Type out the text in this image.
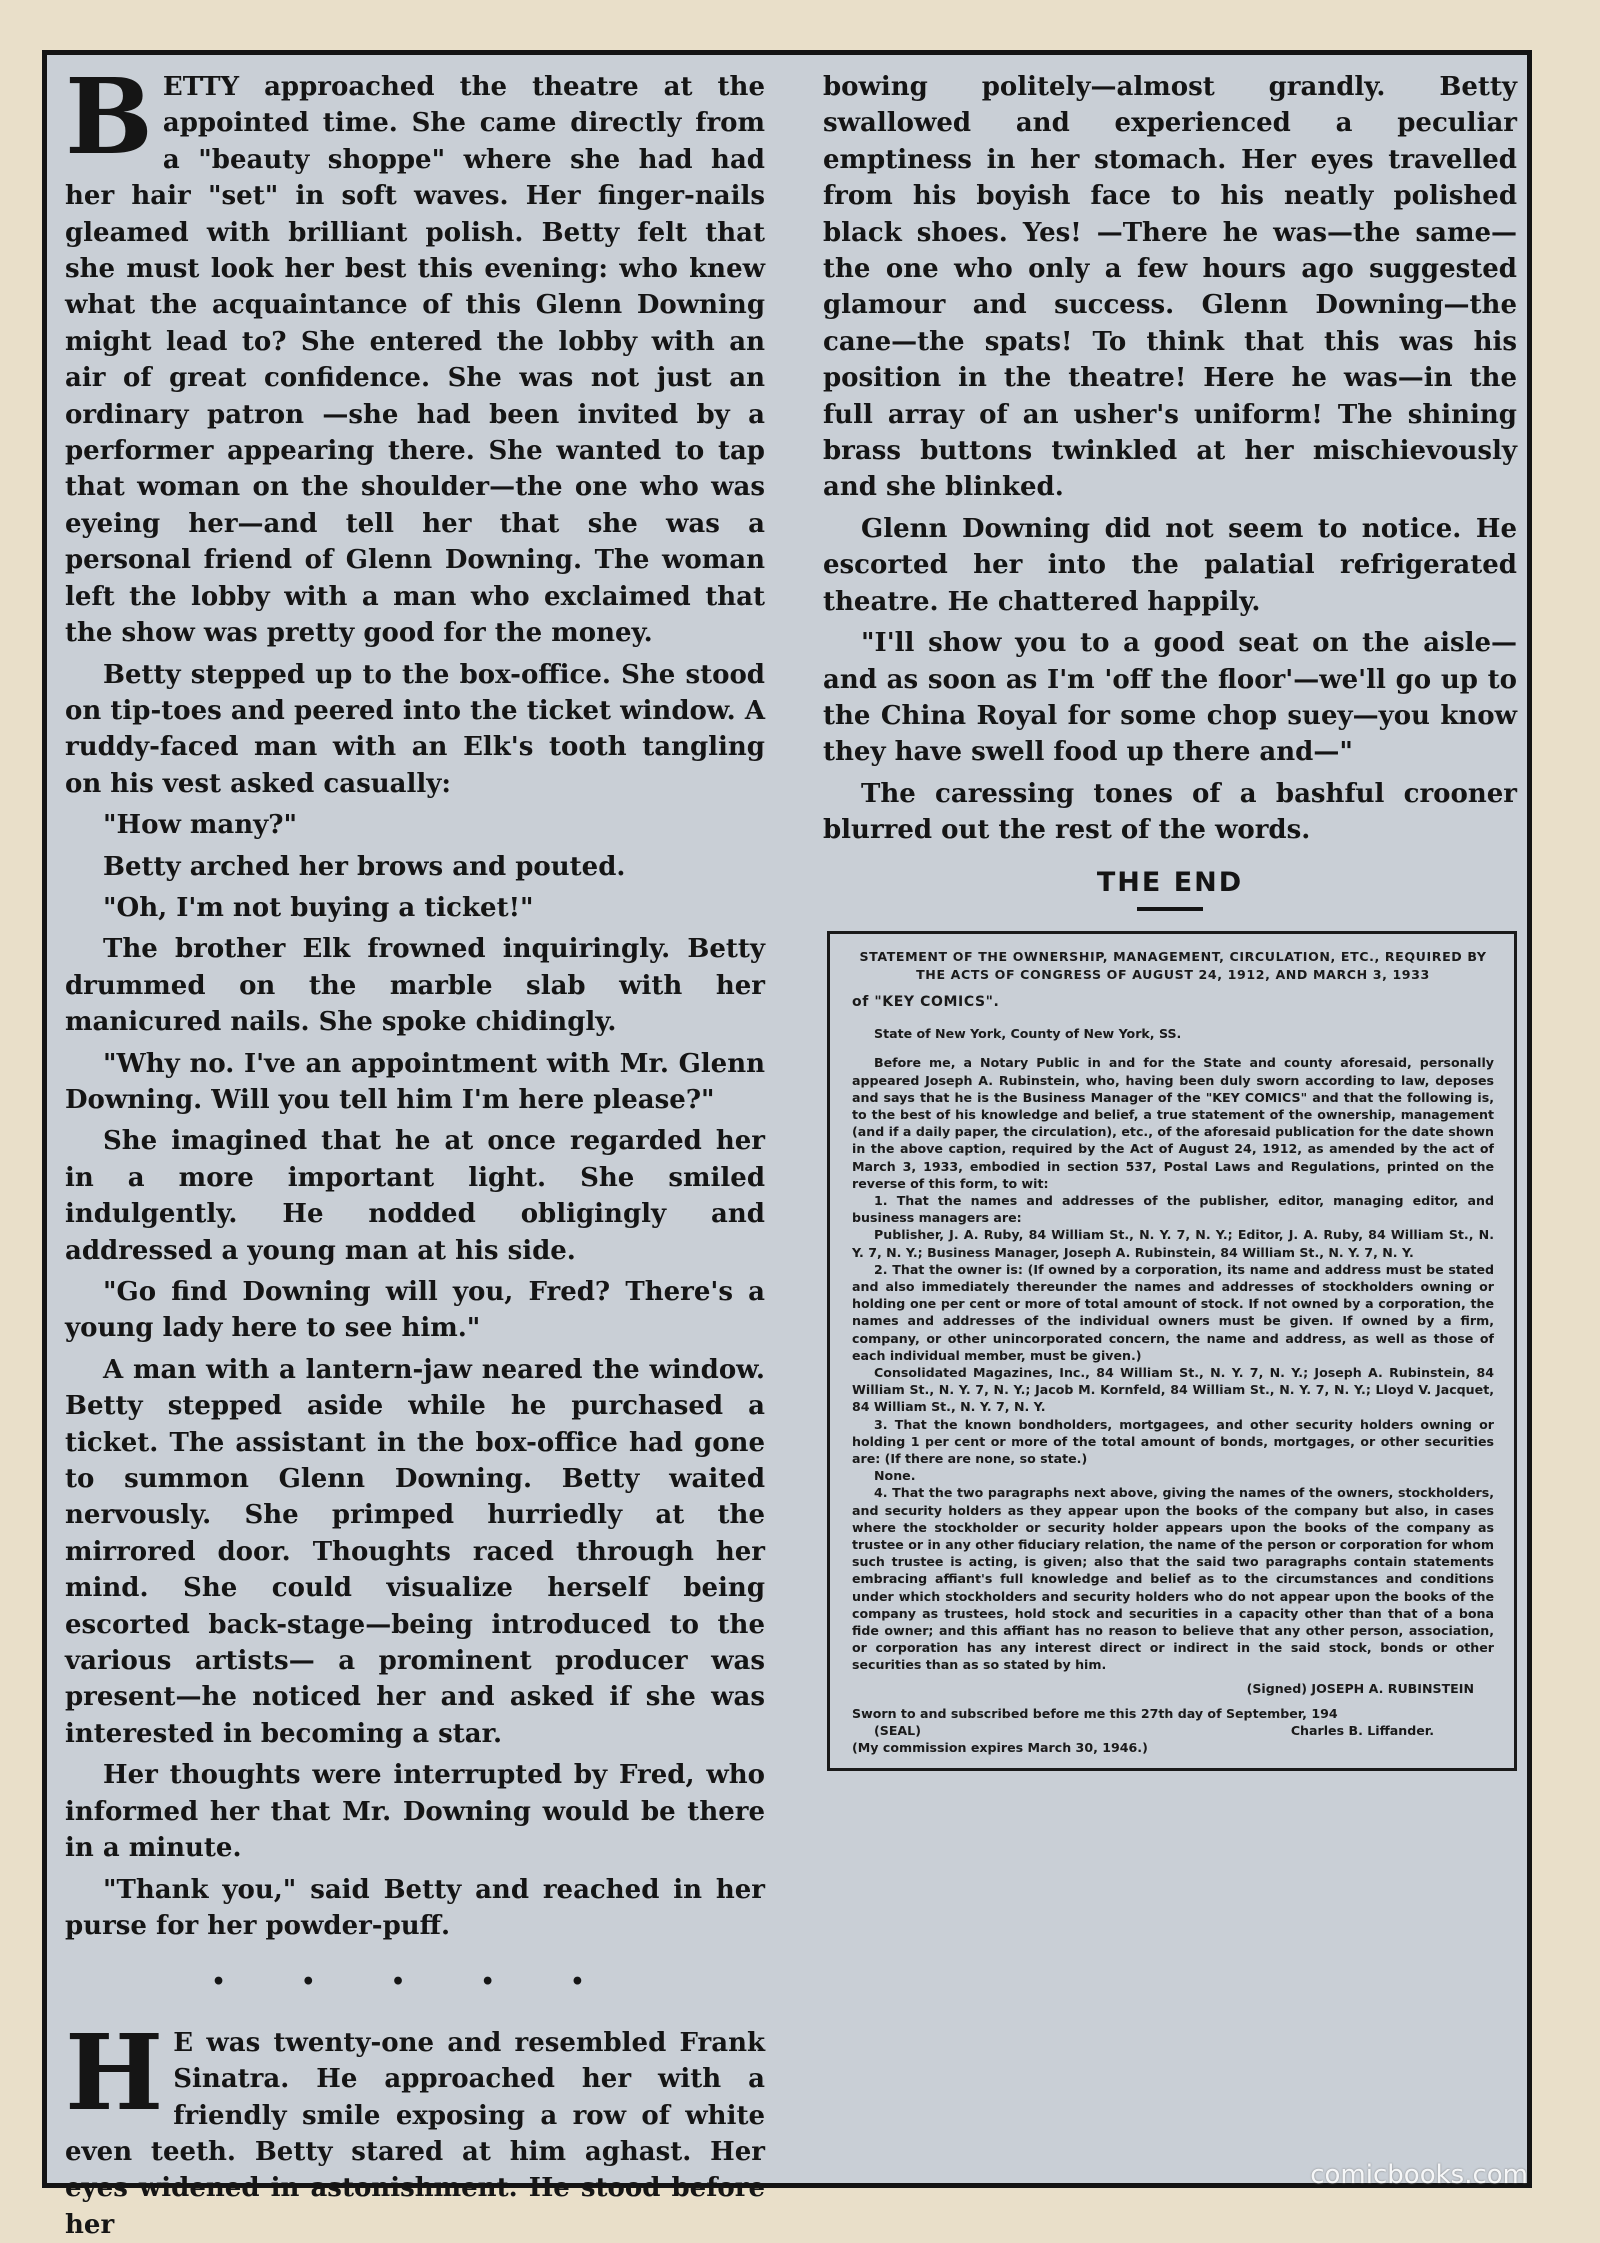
BETTY approached the theatre at the appointed time. She came directly from a "beauty shoppe" where she had had her hair "set" in soft waves. Her finger-nails gleamed with brilliant polish. Betty felt that she must look her best this evening: who knew what the acquaintance of this Glenn Downing might lead to? She entered the lobby with an air of great confidence. She was not just an ordinary patron —she had been invited by a performer appearing there. She wanted to tap that woman on the shoulder—the one who was eyeing her—and tell her that she was a personal friend of Glenn Downing. The woman left the lobby with a man who exclaimed that the show was pretty good for the money.

Betty stepped up to the box-office. She stood on tip-toes and peered into the ticket window. A ruddy-faced man with an Elk's tooth tangling on his vest asked casually:

"How many?"

Betty arched her brows and pouted.

"Oh, I'm not buying a ticket!"

The brother Elk frowned inquiringly. Betty drummed on the marble slab with her manicured nails. She spoke chidingly.

"Why no. I've an appointment with Mr. Glenn Downing. Will you tell him I'm here please?"

She imagined that he at once regarded her in a more important light. She smiled indulgently. He nodded obligingly and addressed a young man at his side.

"Go find Downing will you, Fred? There's a young lady here to see him."

A man with a lantern-jaw neared the window. Betty stepped aside while he purchased a ticket. The assistant in the box-office had gone to summon Glenn Downing. Betty waited nervously. She primped hurriedly at the mirrored door. Thoughts raced through her mind. She could visualize herself being escorted back-stage—being introduced to the various artists— a prominent producer was present—he noticed her and asked if she was interested in becoming a star.

Her thoughts were interrupted by Fred, who informed her that Mr. Downing would be there in a minute.

"Thank you," said Betty and reached in her purse for her powder-puff.

• • • • •

H E was twenty-one and resembled Frank Sinatra. He approached her with a friendly smile exposing a row of white even teeth. Betty stared at him aghast. Her eyes widened in astonishment. He stood before her

bowing politely—almost grandly. Betty swallowed and experienced a peculiar emptiness in her stomach. Her eyes travelled from his boyish face to his neatly polished black shoes. Yes! —There he was—the same—the one who only a few hours ago suggested glamour and success. Glenn Downing—the cane—the spats! To think that this was his position in the theatre! Here he was—in the full array of an usher's uniform! The shining brass buttons twinkled at her mischievously and she blinked.

Glenn Downing did not seem to notice. He escorted her into the palatial refrigerated theatre. He chattered happily.

"I'll show you to a good seat on the aisle— and as soon as I'm 'off the floor'—we'll go up to the China Royal for some chop suey—you know they have swell food up there and—"

The caressing tones of a bashful crooner blurred out the rest of the words.

THE END
STATEMENT OF THE OWNERSHIP, MANAGEMENT, CIRCULATION, ETC., REQUIRED BY THE ACTS OF CONGRESS OF AUGUST 24, 1912, AND MARCH 3, 1933
of "KEY COMICS".
State of New York, County of New York, SS.

Before me, a Notary Public in and for the State and county aforesaid, personally appeared Joseph A. Rubinstein, who, having been duly sworn according to law, deposes and says that he is the Business Manager of the "KEY COMICS" and that the following is, to the best of his knowledge and belief, a true statement of the ownership, management (and if a daily paper, the circulation), etc., of the aforesaid publication for the date shown in the above caption, required by the Act of August 24, 1912, as amended by the act of March 3, 1933, embodied in section 537, Postal Laws and Regulations, printed on the reverse of this form, to wit:

1. That the names and addresses of the publisher, editor, managing editor, and business managers are:

Publisher, J. A. Ruby, 84 William St., N. Y. 7, N. Y.; Editor, J. A. Ruby, 84 William St., N. Y. 7, N. Y.; Business Manager, Joseph A. Rubinstein, 84 William St., N. Y. 7, N. Y.

2. That the owner is: (If owned by a corporation, its name and address must be stated and also immediately thereunder the names and addresses of stockholders owning or holding one per cent or more of total amount of stock. If not owned by a corporation, the names and addresses of the individual owners must be given. If owned by a firm, company, or other unincorporated concern, the name and address, as well as those of each individual member, must be given.)

Consolidated Magazines, Inc., 84 William St., N. Y. 7, N. Y.; Joseph A. Rubinstein, 84 William St., N. Y. 7, N. Y.; Jacob M. Kornfeld, 84 William St., N. Y. 7, N. Y.; Lloyd V. Jacquet, 84 William St., N. Y. 7, N. Y.

3. That the known bondholders, mortgagees, and other security holders owning or holding 1 per cent or more of the total amount of bonds, mortgages, or other securities are: (If there are none, so state.)

None.

4. That the two paragraphs next above, giving the names of the owners, stockholders, and security holders as they appear upon the books of the company but also, in cases where the stockholder or security holder appears upon the books of the company as trustee or in any other fiduciary relation, the name of the person or corporation for whom such trustee is acting, is given; also that the said two paragraphs contain statements embracing affiant's full knowledge and belief as to the circumstances and conditions under which stockholders and security holders who do not appear upon the books of the company as trustees, hold stock and securities in a capacity other than that of a bona fide owner; and this affiant has no reason to believe that any other person, association, or corporation has any interest direct or indirect in the said stock, bonds or other securities than as so stated by him.

(Signed) JOSEPH A. RUBINSTEIN
Sworn to and subscribed before me this 27th day of September, 194
(SEAL)	Charles B. Liffander.
(My commission expires March 30, 1946.)
comicbooks.com
